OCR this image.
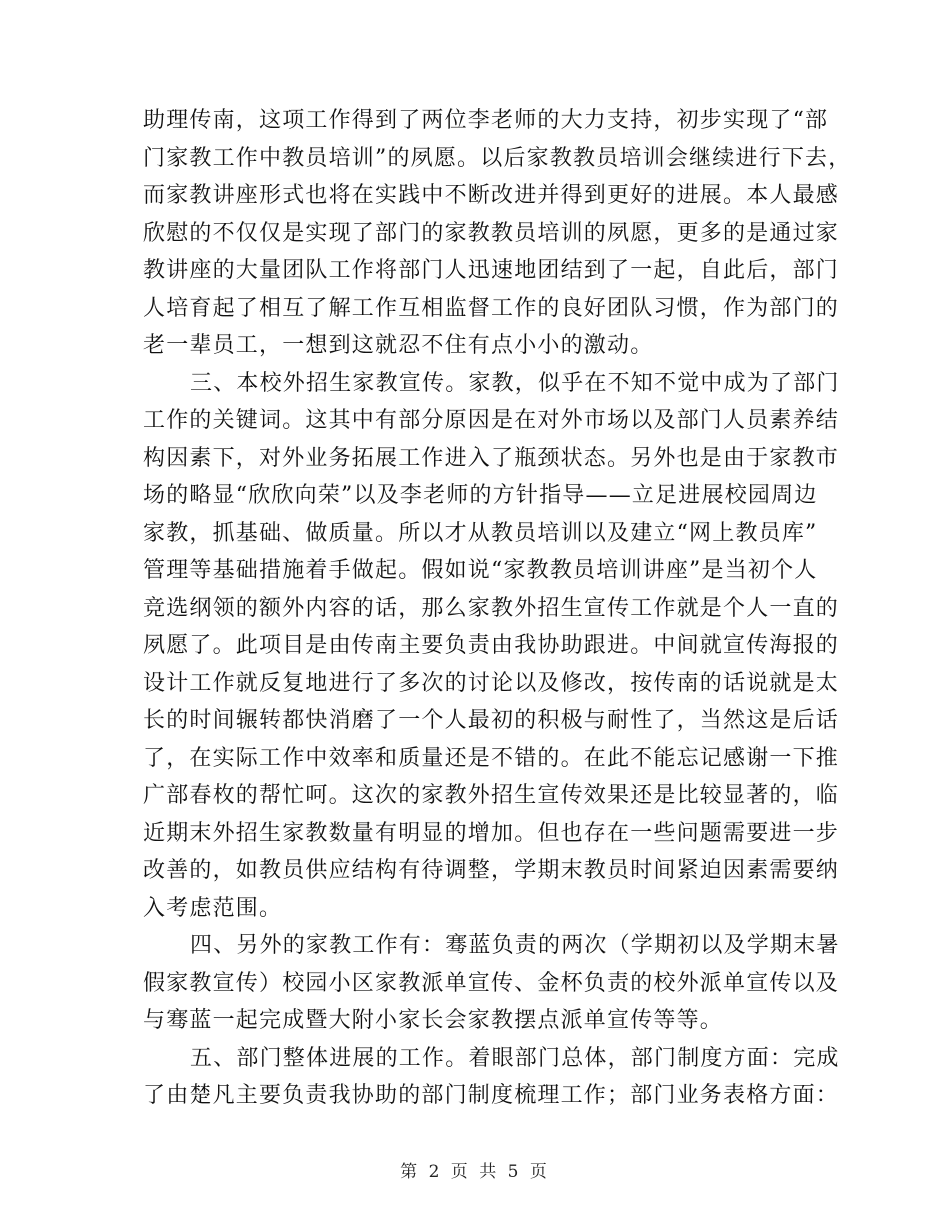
助理传南，这项工作得到了两位李老师的大力支持，初步实现了“部
门家教工作中教员培训”的夙愿。以后家教教员培训会继续进行下去，
而家教讲座形式也将在实践中不断改进并得到更好的进展。本人最感
欣慰的不仅仅是实现了部门的家教教员培训的夙愿，更多的是通过家
教讲座的大量团队工作将部门人迅速地团结到了一起，自此后，部门
人培育起了相互了解工作互相监督工作的良好团队习惯，作为部门的
老一辈员工，一想到这就忍不住有点小小的激动。

三、本校外招生家教宣传。家教，似乎在不知不觉中成为了部门
工作的关键词。这其中有部分原因是在对外市场以及部门人员素养结
构因素下，对外业务拓展工作进入了瓶颈状态。另外也是由于家教市
场的略显“欣欣向荣”以及李老师的方针指导——立足进展校园周边
家教，抓基础、做质量。所以才从教员培训以及建立“网上教员库”
管理等基础措施着手做起。假如说“家教教员培训讲座”是当初个人
竞选纲领的额外内容的话，那么家教外招生宣传工作就是个人一直的
夙愿了。此项目是由传南主要负责由我协助跟进。中间就宣传海报的
设计工作就反复地进行了多次的讨论以及修改，按传南的话说就是太
长的时间辗转都快消磨了一个人最初的积极与耐性了，当然这是后话
了，在实际工作中效率和质量还是不错的。在此不能忘记感谢一下推
广部春枚的帮忙呵。这次的家教外招生宣传效果还是比较显著的，临
近期末外招生家教数量有明显的增加。但也存在一些问题需要进一步
改善的，如教员供应结构有待调整，学期末教员时间紧迫因素需要纳
入考虑范围。

四、另外的家教工作有：骞蓝负责的两次（学期初以及学期末暑
假家教宣传）校园小区家教派单宣传、金杯负责的校外派单宣传以及
与骞蓝一起完成暨大附小家长会家教摆点派单宣传等等。

五、部门整体进展的工作。着眼部门总体，部门制度方面：完成
了由楚凡主要负责我协助的部门制度梳理工作；部门业务表格方面：

第 2 页 共 5 页
